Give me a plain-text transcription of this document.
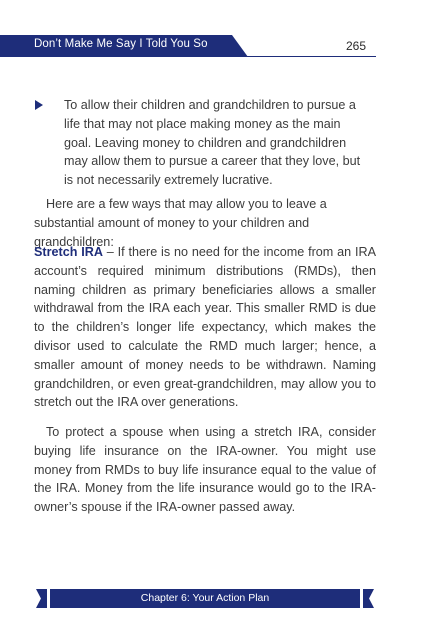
Don’t Make Me Say I Told You So	265

To allow their children and grandchildren to pursue a life that may not place making money as the main goal. Leaving money to children and grandchildren may allow them to pursue a career that they love, but is not necessarily extremely lucrative.

Here are a few ways that may allow you to leave a substantial amount of money to your children and grandchildren:

Stretch IRA – If there is no need for the income from an IRA account’s required minimum distributions (RMDs), then naming children as primary beneficiaries allows a smaller withdrawal from the IRA each year. This smaller RMD is due to the children’s longer life expectancy, which makes the divisor used to calculate the RMD much larger; hence, a smaller amount of money needs to be withdrawn. Naming grandchildren, or even great-grandchildren, may allow you to stretch out the IRA over generations.

To protect a spouse when using a stretch IRA, consider buying life insurance on the IRA-owner. You might use money from RMDs to buy life insurance equal to the value of the IRA. Money from the life insurance would go to the IRA-owner’s spouse if the IRA-owner passed away.

Chapter 6: Your Action Plan
